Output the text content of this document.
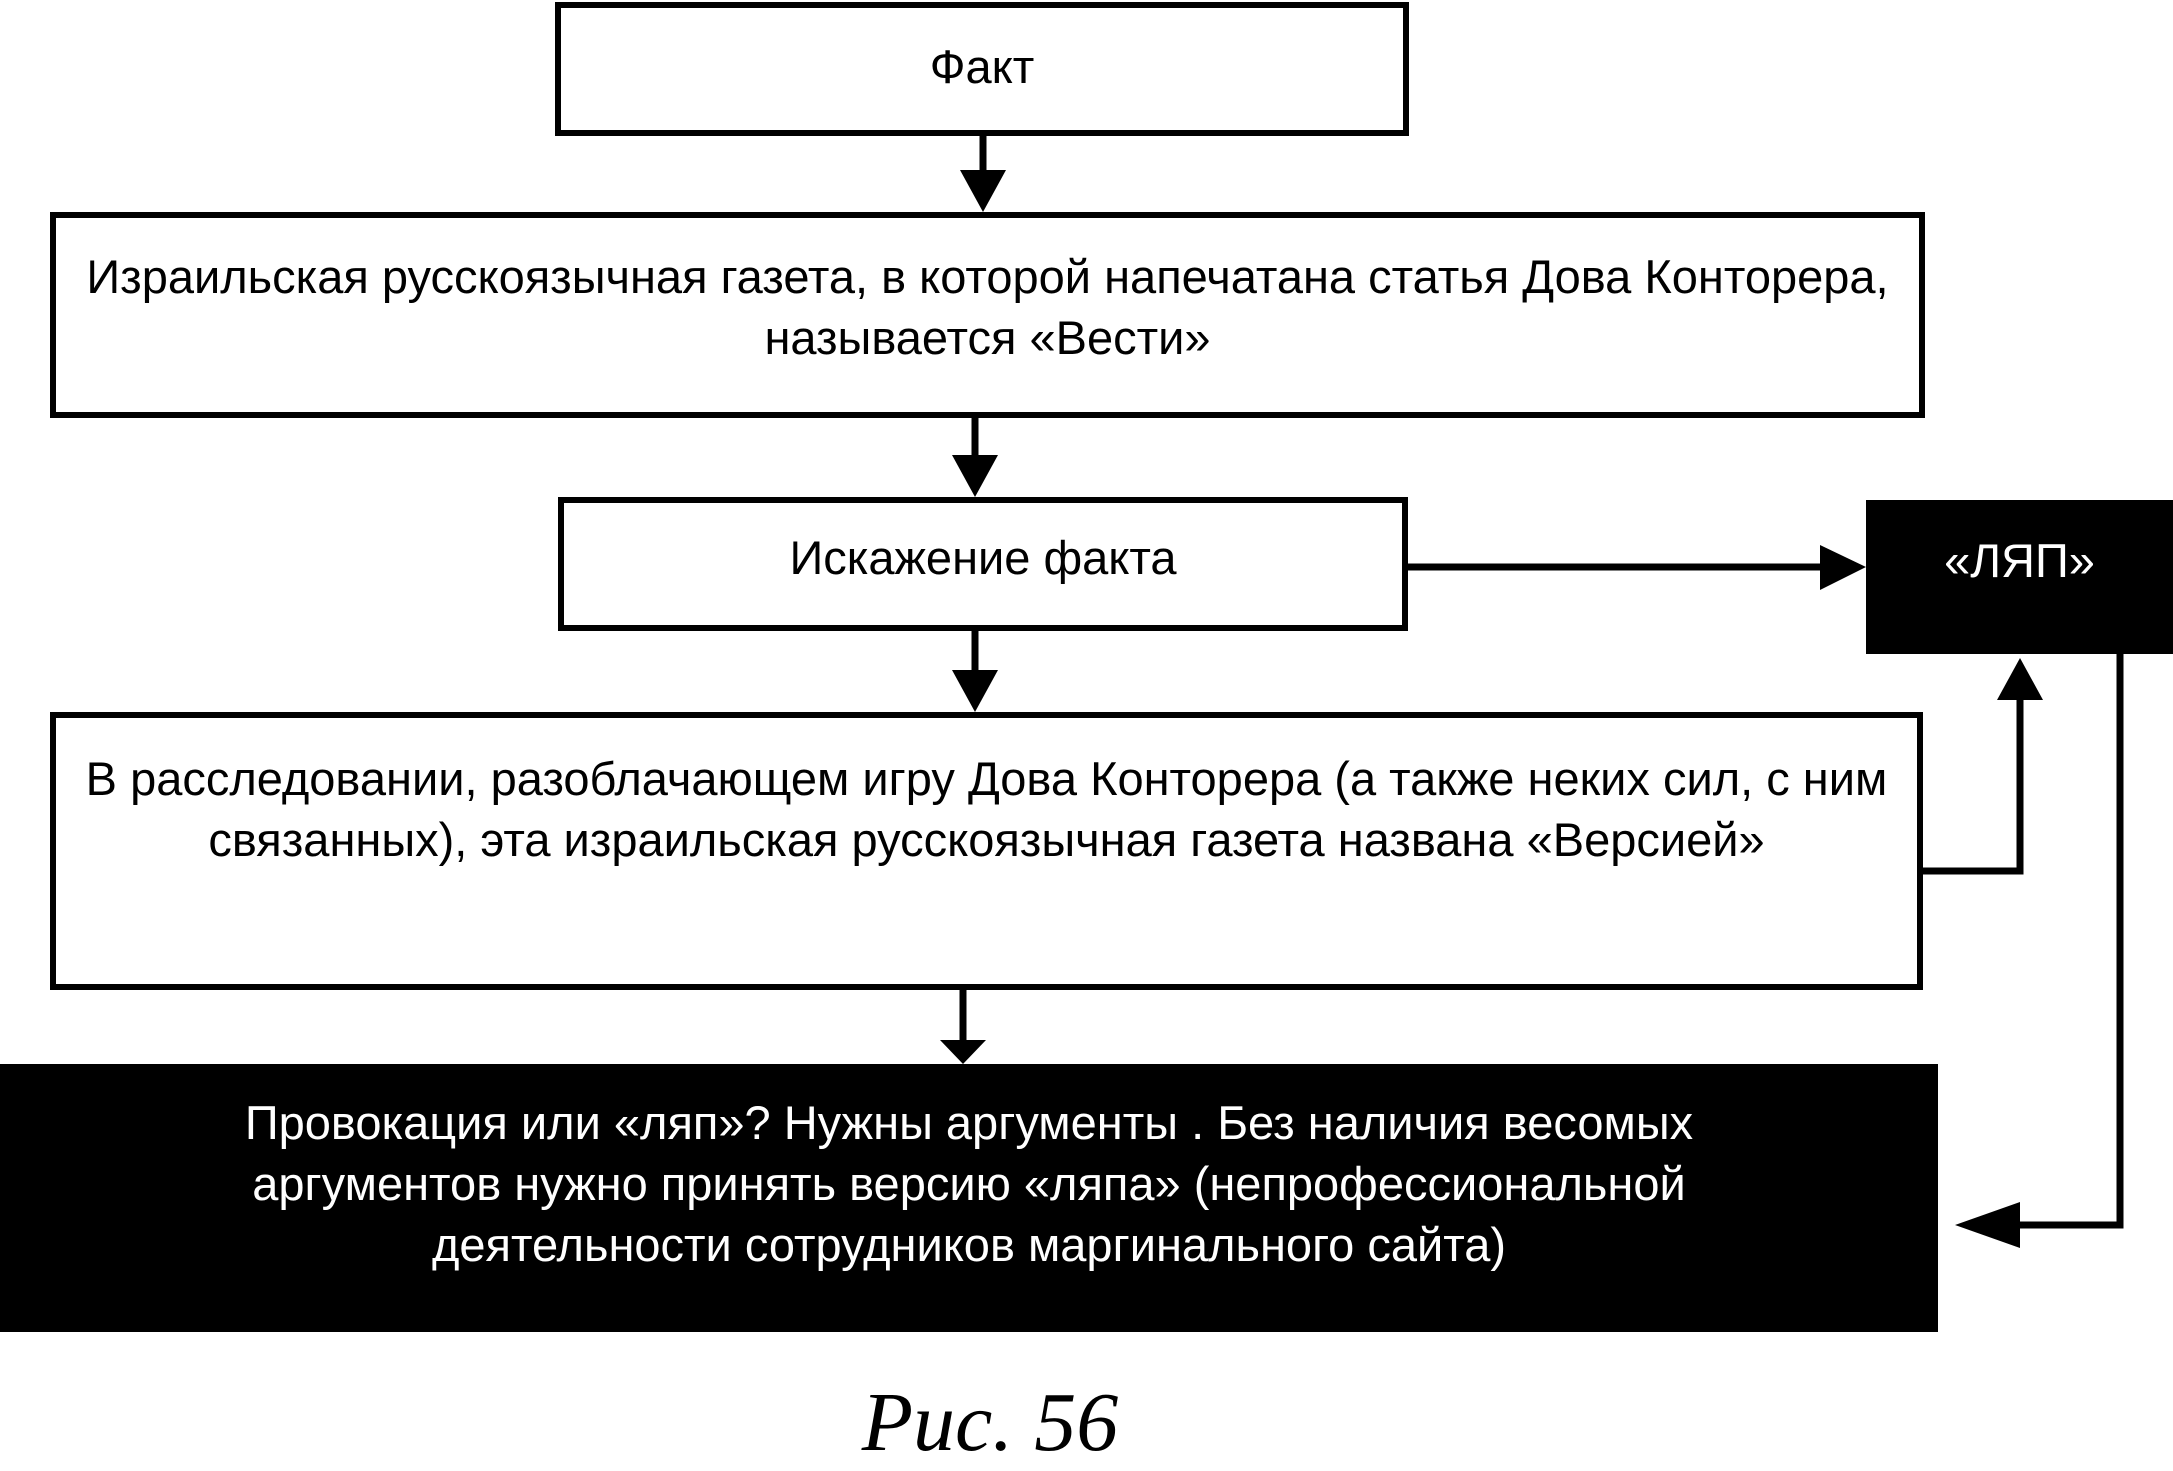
Факт
Израильская русскоязычная газета, в которой напечатана статья Дова Конторера, называется «Вести»
Искажение факта	«ЛЯП»
В расследовании, разоблачающем игру Дова Конторера (а также неких сил, с ним связанных), эта израильская русскоязычная газета названа «Версией»
Провокация или «ляп»? Нужны аргументы . Без наличия весомых аргументов нужно принять версию «ляпа» (непрофессиональной деятельности сотрудников маргинального сайта)
Рис. 56
